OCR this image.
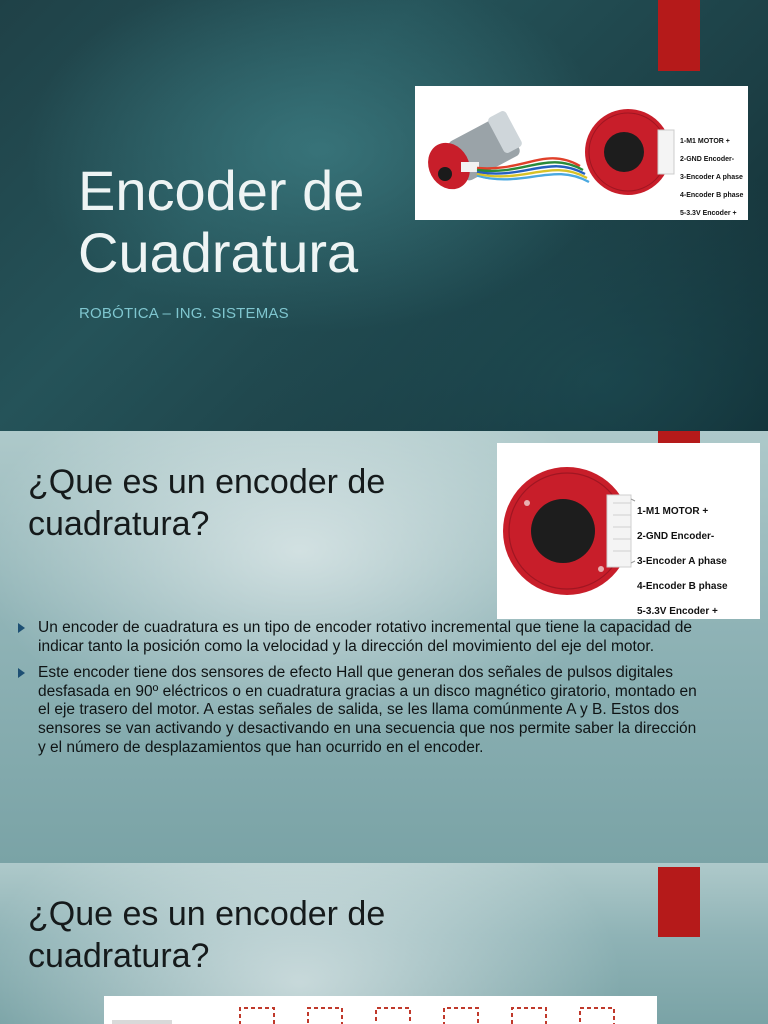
1-M1 MOTOR +

2-GND Encoder-

3-Encoder A phase

4-Encoder B phase

5-3.3V Encoder +

Encoder de
Cuadratura
ROBÓTICA – ING. SISTEMAS

1-M1 MOTOR +

2-GND Encoder-

3-Encoder A phase

4-Encoder B phase

5-3.3V Encoder +

¿Que es un encoder de
cuadratura?
Un encoder de cuadratura es un tipo de encoder rotativo incremental que tiene la capacidad de indicar tanto la posición como la velocidad y la dirección del movimiento del eje del motor.
Este encoder tiene dos sensores de efecto Hall que generan dos señales de pulsos digitales desfasada en 90º eléctricos o en cuadratura gracias a un disco magnético giratorio, montado en el eje trasero del motor. A estas señales de salida, se les llama comúnmente A y B. Estos dos sensores se van activando y desactivando en una secuencia que nos permite saber la dirección y el número de desplazamientos que han ocurrido en el encoder.
¿Que es un encoder de
cuadratura?
